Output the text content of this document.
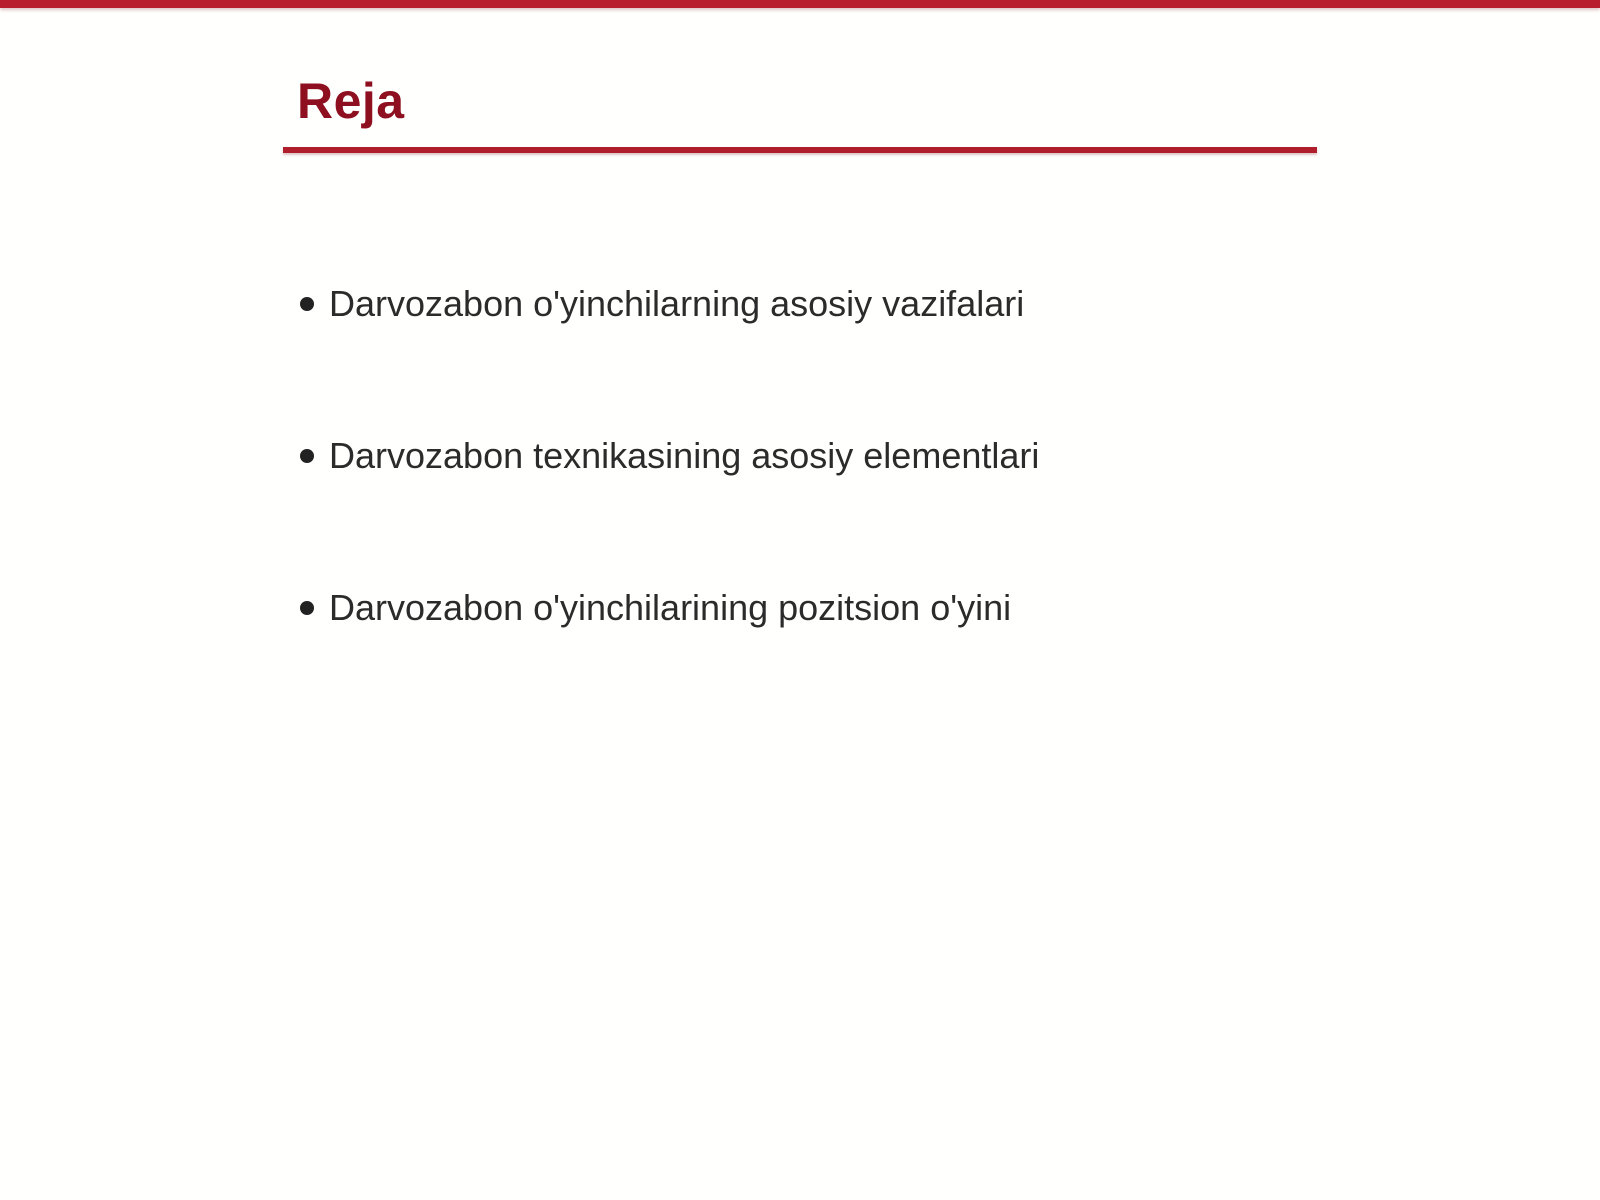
Reja
Darvozabon o'yinchilarning asosiy vazifalari
Darvozabon texnikasining asosiy elementlari
Darvozabon o'yinchilarining pozitsion o'yini
